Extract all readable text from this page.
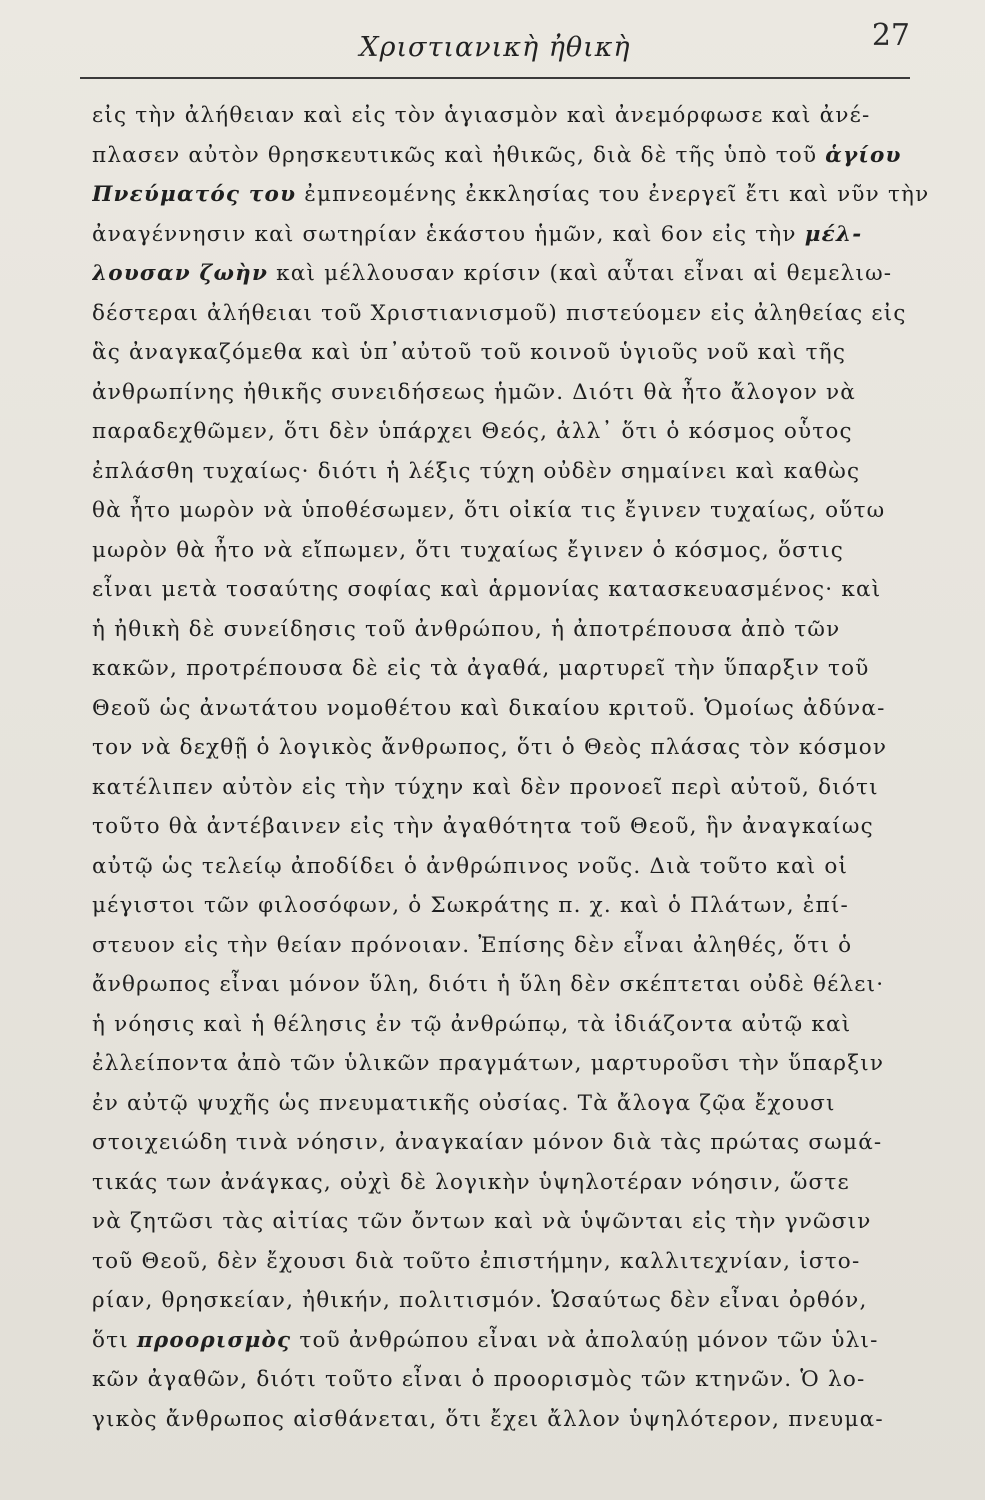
Χριστιανικὴ ἠθικὴ	27
εἰς τὴν ἀλήθειαν καὶ εἰς τὸν ἁγιασμὸν καὶ ἀνεμόρφωσε καὶ ἀνέ-
πλασεν αὐτὸν θρησκευτικῶς καὶ ἠθικῶς, διὰ δὲ τῆς ὑπὸ τοῦ ἁγίου
Πνεύματός του ἐμπνεομένης ἐκκλησίας του ἐνεργεῖ ἔτι καὶ νῦν τὴν
ἀναγέννησιν καὶ σωτηρίαν ἑκάστου ἡμῶν, καὶ 6ον εἰς τὴν μέλ-
λουσαν ζωὴν καὶ μέλλουσαν κρίσιν (καὶ αὗται εἶναι αἱ θεμελιω-
δέστεραι ἀλήθειαι τοῦ Χριστιανισμοῦ) πιστεύομεν εἰς ἀληθείας εἰς
ἃς ἀναγκαζόμεθα καὶ ὑπ᾿αὐτοῦ τοῦ κοινοῦ ὑγιοῦς νοῦ καὶ τῆς
ἀνθρωπίνης ἠθικῆς συνειδήσεως ἡμῶν. Διότι θὰ ἦτο ἄλογον νὰ
παραδεχθῶμεν, ὅτι δὲν ὑπάρχει Θεός, ἀλλ᾿ ὅτι ὁ κόσμος οὗτος
ἐπλάσθη τυχαίως· διότι ἡ λέξις τύχη οὐδὲν σημαίνει καὶ καθὼς
θὰ ἦτο μωρὸν νὰ ὑποθέσωμεν, ὅτι οἰκία τις ἔγινεν τυχαίως, οὕτω
μωρὸν θὰ ἦτο νὰ εἴπωμεν, ὅτι τυχαίως ἔγινεν ὁ κόσμος, ὅστις
εἶναι μετὰ τοσαύτης σοφίας καὶ ἁρμονίας κατασκευασμένος· καὶ
ἡ ἠθικὴ δὲ συνείδησις τοῦ ἀνθρώπου, ἡ ἀποτρέπουσα ἀπὸ τῶν
κακῶν, προτρέπουσα δὲ εἰς τὰ ἀγαθά, μαρτυρεῖ τὴν ὕπαρξιν τοῦ
Θεοῦ ὡς ἀνωτάτου νομοθέτου καὶ δικαίου κριτοῦ. Ὁμοίως ἀδύνα-
τον νὰ δεχθῇ ὁ λογικὸς ἄνθρωπος, ὅτι ὁ Θεὸς πλάσας τὸν κόσμον
κατέλιπεν αὐτὸν εἰς τὴν τύχην καὶ δὲν προνοεῖ περὶ αὐτοῦ, διότι
τοῦτο θὰ ἀντέβαινεν εἰς τὴν ἀγαθότητα τοῦ Θεοῦ, ἣν ἀναγκαίως
αὐτῷ ὡς τελείῳ ἀποδίδει ὁ ἀνθρώπινος νοῦς. Διὰ τοῦτο καὶ οἱ
μέγιστοι τῶν φιλοσόφων, ὁ Σωκράτης π. χ. καὶ ὁ Πλάτων, ἐπί-
στευον εἰς τὴν θείαν πρόνοιαν. Ἐπίσης δὲν εἶναι ἀληθές, ὅτι ὁ
ἄνθρωπος εἶναι μόνον ὕλη, διότι ἡ ὕλη δὲν σκέπτεται οὐδὲ θέλει·
ἡ νόησις καὶ ἡ θέλησις ἐν τῷ ἀνθρώπῳ, τὰ ἰδιάζοντα αὐτῷ καὶ
ἐλλείποντα ἀπὸ τῶν ὑλικῶν πραγμάτων, μαρτυροῦσι τὴν ὕπαρξιν
ἐν αὐτῷ ψυχῆς ὡς πνευματικῆς οὐσίας. Τὰ ἄλογα ζῷα ἔχουσι
στοιχειώδη τινὰ νόησιν, ἀναγκαίαν μόνον διὰ τὰς πρώτας σωμά-
τικάς των ἀνάγκας, οὐχὶ δὲ λογικὴν ὑψηλοτέραν νόησιν, ὥστε
νὰ ζητῶσι τὰς αἰτίας τῶν ὄντων καὶ νὰ ὑψῶνται εἰς τὴν γνῶσιν
τοῦ Θεοῦ, δὲν ἔχουσι διὰ τοῦτο ἐπιστήμην, καλλιτεχνίαν, ἱστο-
ρίαν, θρησκείαν, ἠθικήν, πολιτισμόν. Ὡσαύτως δὲν εἶναι ὀρθόν,
ὅτι προορισμὸς τοῦ ἀνθρώπου εἶναι νὰ ἀπολαύῃ μόνον τῶν ὑλι-
κῶν ἀγαθῶν, διότι τοῦτο εἶναι ὁ προορισμὸς τῶν κτηνῶν. Ὁ λο-
γικὸς ἄνθρωπος αἰσθάνεται, ὅτι ἔχει ἄλλον ὑψηλότερον, πνευμα-
